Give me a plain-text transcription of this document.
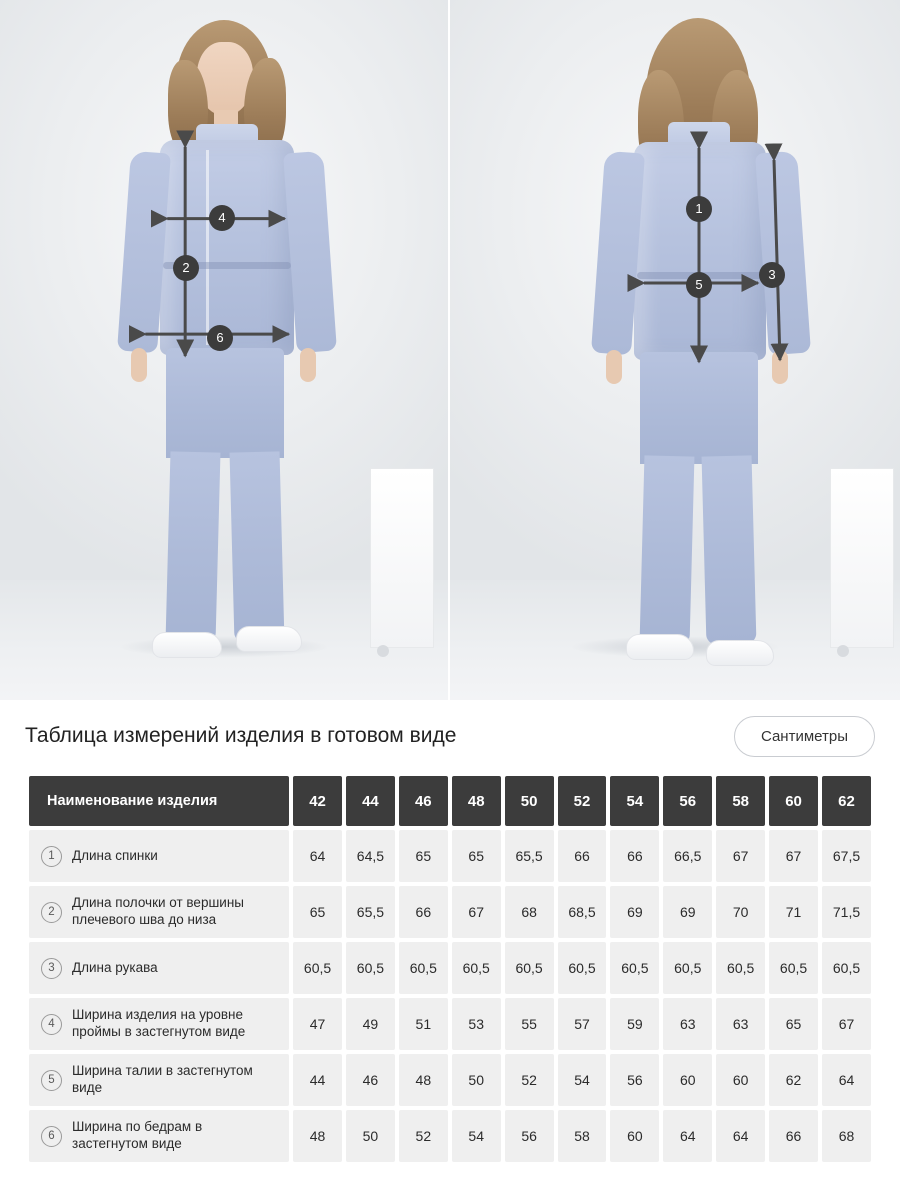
4
2
6
1
5
3
Таблица измерений изделия в готовом виде	Сантиметры
Наименование изделия	42	44	46	48	50	52	54	56	58	60	62

1 Длина спинки	64	64,5	65	65	65,5	66	66	66,5	67	67	67,5

2
Длина полочки от вершины плечевого шва до низа	65	65,5	66	67	68	68,5	69	69	70	71	71,5

3 Длина рукава	60,5	60,5	60,5	60,5	60,5	60,5	60,5	60,5	60,5	60,5	60,5

4
Ширина изделия на уровне проймы в застегнутом виде	47	49	51	53	55	57	59	63	63	65	67

5
Ширина талии в застегнутом виде	44	46	48	50	52	54	56	60	60	62	64

6
Ширина по бедрам в застегнутом виде	48	50	52	54	56	58	60	64	64	66	68
